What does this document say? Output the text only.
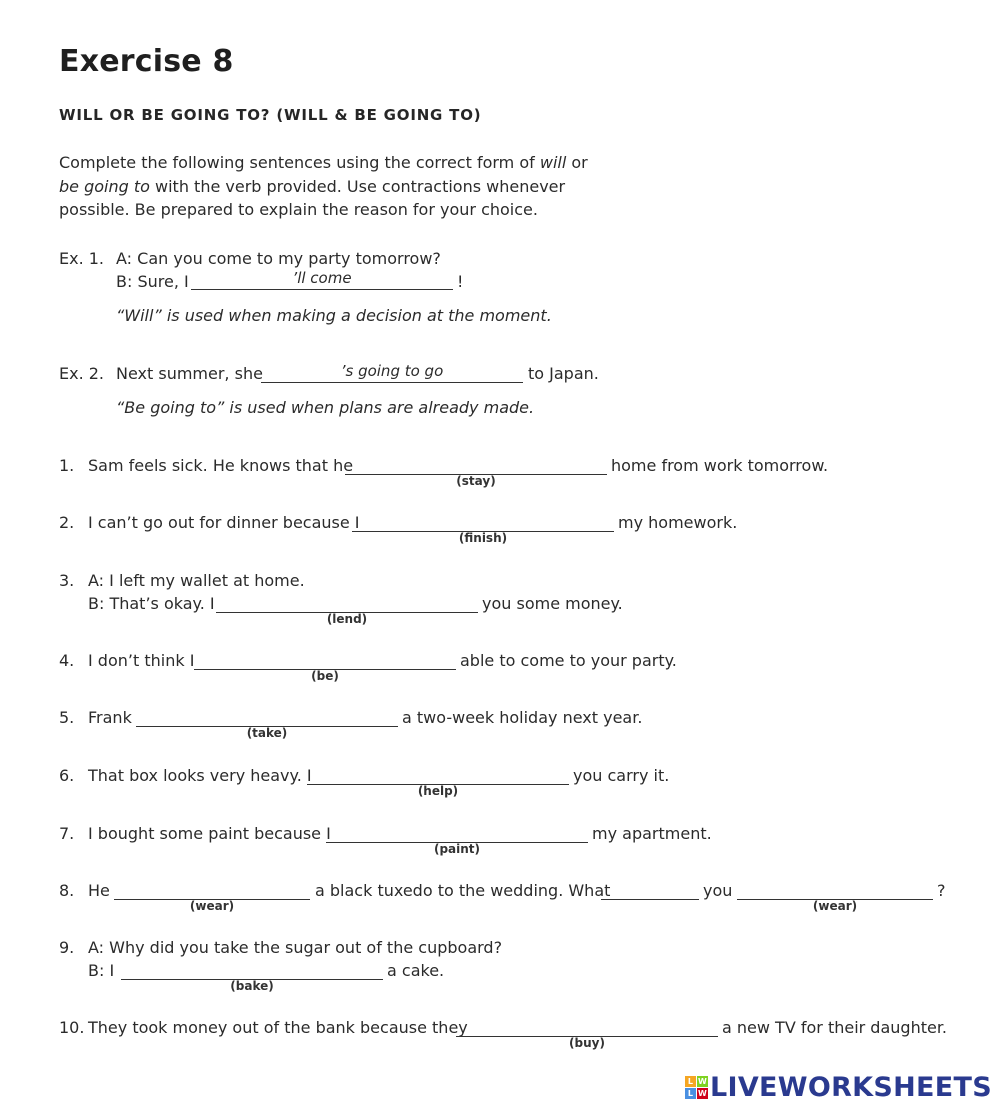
Exercise 8
WILL OR BE GOING TO? (WILL & BE GOING TO)
Complete the following sentences using the correct form of will or
be going to with the verb provided. Use contractions whenever possible. Be prepared to explain the reason for your choice.
Ex. 1. A: Can you come to my party tomorrow?
B: Sure, I	’ll come	!
“Will” is used when making a decision at the moment.
Ex. 2. Next summer, she	’s going to go	to Japan.
“Be going to” is used when plans are already made.
1. Sam feels sick. He knows that he	home from work tomorrow.
(stay)
2. I can’t go out for dinner because I	my homework.
(finish)
3. A: I left my wallet at home.
B: That’s okay. I	you some money.
(lend)
4. I don’t think I	able to come to your party.
(be)
5. Frank	a two-week holiday next year.
(take)
6. That box looks very heavy. I	you carry it.
(help)
7. I bought some paint because I	my apartment.
(paint)
8. He	a black tuxedo to the wedding. What	you	?
(wear)	(wear)
9. A: Why did you take the sugar out of the cupboard?
B: I	a cake.
(bake)
10. They took money out of the bank because they	a new TV for their daughter.
(buy)
L W
L W LIVEWORKSHEETS
